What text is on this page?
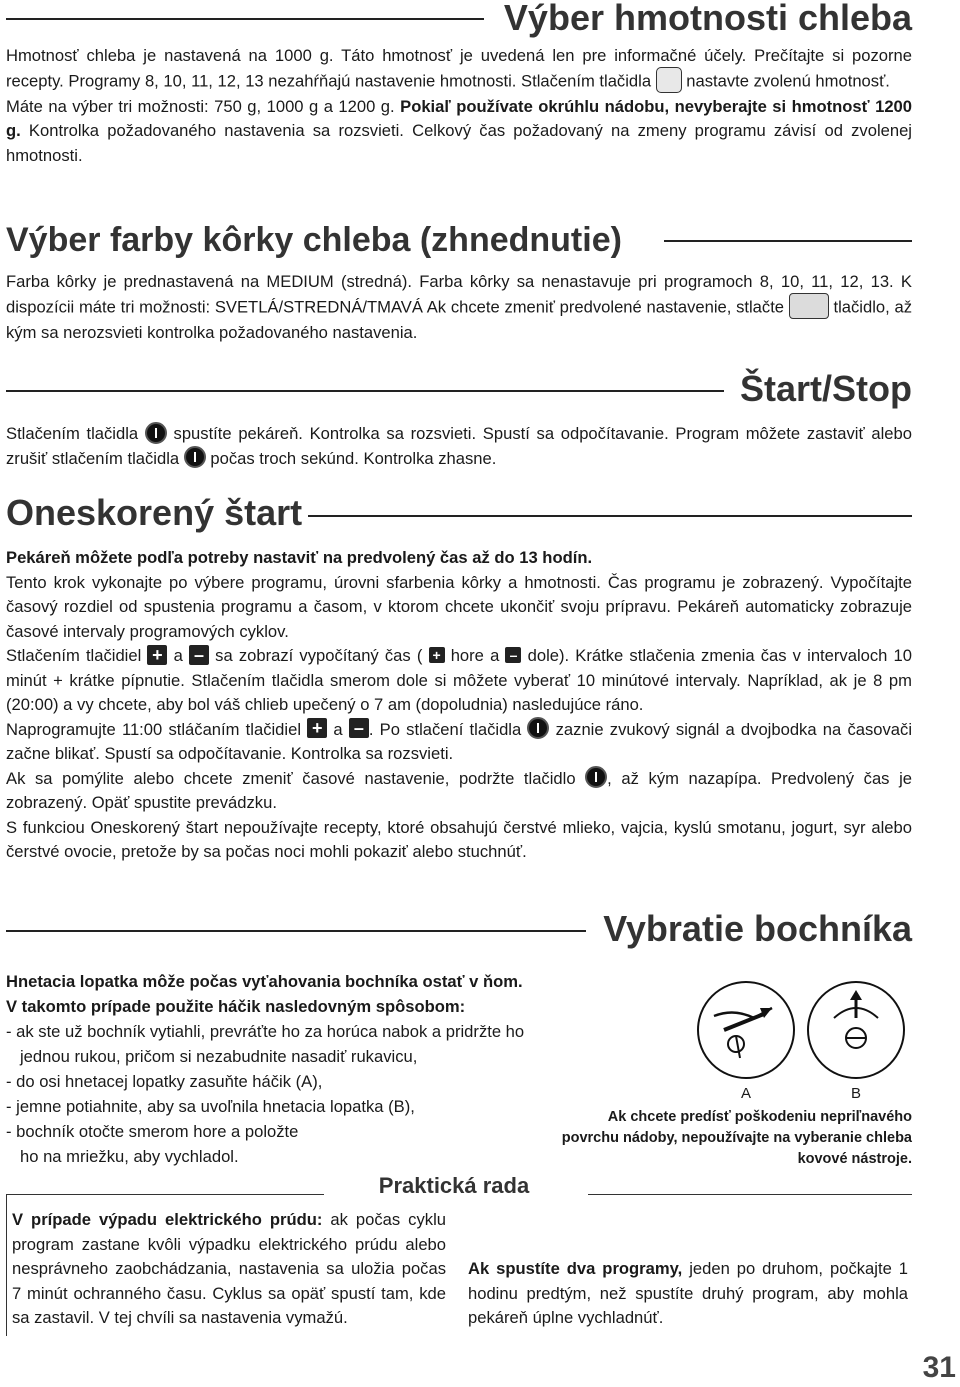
Výber hmotnosti chleba

Hmotnosť chleba je nastavená na 1000 g. Táto hmotnosť je uvedená len pre informačné účely. Prečítajte si pozorne recepty. Programy 8, 10, 11, 12, 13 nezahŕňajú nastavenie hmotnosti. Stlačením tlačidla  nastavte zvolenú hmotnosť.

Máte na výber tri možnosti: 750 g, 1000 g a 1200 g. Pokiaľ používate okrúhlu nádobu, nevyberajte si hmotnosť 1200 g. Kontrolka požadovaného nastavenia sa rozsvieti. Celkový čas požadovaný na zmeny programu závisí od zvolenej hmotnosti.

Výber farby kôrky chleba (zhnednutie)

Farba kôrky je prednastavená na MEDIUM (stredná). Farba kôrky sa nenastavuje pri programoch 8, 10, 11, 12, 13. K dispozícii máte tri možnosti: SVETLÁ/STREDNÁ/TMAVÁ Ak chcete zmeniť predvolené nastavenie, stlačte  tlačidlo, až kým sa nerozsvieti kontrolka požadovaného nastavenia.

Štart/Stop

Stlačením tlačidla  spustíte pekáreň. Kontrolka sa rozsvieti. Spustí sa odpočítavanie. Program môžete zastaviť alebo zrušiť stlačením tlačidla  počas troch sekúnd. Kontrolka zhasne.

Oneskorený štart

Pekáreň môžete podľa potreby nastaviť na predvolený čas až do 13 hodín.

Tento krok vykonajte po výbere programu, úrovni sfarbenia kôrky a hmotnosti. Čas programu je zobrazený. Vypočítajte časový rozdiel od spustenia programu a časom, v ktorom chcete ukončiť svoju prípravu. Pekáreň automaticky zobrazuje časové intervaly programových cyklov.

Stlačením tlačidiel + a – sa zobrazí vypočítaný čas ( + hore a – dole). Krátke stlačenia zmenia čas v intervaloch 10 minút + krátke pípnutie. Stlačením tlačidla smerom dole si môžete vyberať 10 minútové intervaly. Napríklad, ak je 8 pm (20:00) a vy chcete, aby bol váš chlieb upečený o 7 am (dopoludnia) nasledujúce ráno.

Naprogramujte 11:00 stláčaním tlačidiel + a – . Po stlačení tlačidla  zaznie zvukový signál a dvojbodka na časovači začne blikať. Spustí sa odpočítavanie. Kontrolka sa rozsvieti.

Ak sa pomýlite alebo chcete zmeniť časové nastavenie, podržte tlačidlo , až kým nazapípa. Predvolený čas je zobrazený. Opäť spustite prevádzku.

S funkciou Oneskorený štart nepoužívajte recepty, ktoré obsahujú čerstvé mlieko, vajcia, kyslú smotanu, jogurt, syr alebo čerstvé ovocie, pretože by sa počas noci mohli pokaziť alebo stuchnúť.

Vybratie bochníka
Hnetacia lopatka môže počas vyťahovania bochníka ostať v ňom.
V takomto prípade použite háčik nasledovným spôsobom:
- ak ste už bochník vytiahli, prevráťte ho za horúca nabok a pridržte ho
jednou rukou, pričom si nezabudnite nasadiť rukavicu,
- do osi hnetacej lopatky zasuňte háčik (A),
- jemne potiahnite, aby sa uvoľnila hnetacia lopatka (B),
- bochník otočte smerom hore a položte
ho na mriežku, aby vychladol.
A	B
Ak chcete predísť poškodeniu nepriľnavého povrchu nádoby, nepoužívajte na vyberanie chleba kovové nástroje.
Praktická rada
V prípade výpadu elektrického prúdu: ak počas cyklu program zastane kvôli výpadku elektrického prúdu alebo nesprávneho zaobchádzania, nastavenia sa uložia počas 7 minút ochranného času. Cyklus sa opäť spustí tam, kde sa zastavil. V tej chvíli sa nastavenia vymažú.
Ak spustíte dva programy, jeden po druhom, počkajte 1 hodinu predtým, než spustíte druhý program, aby mohla pekáreň úplne vychladnúť.
31
